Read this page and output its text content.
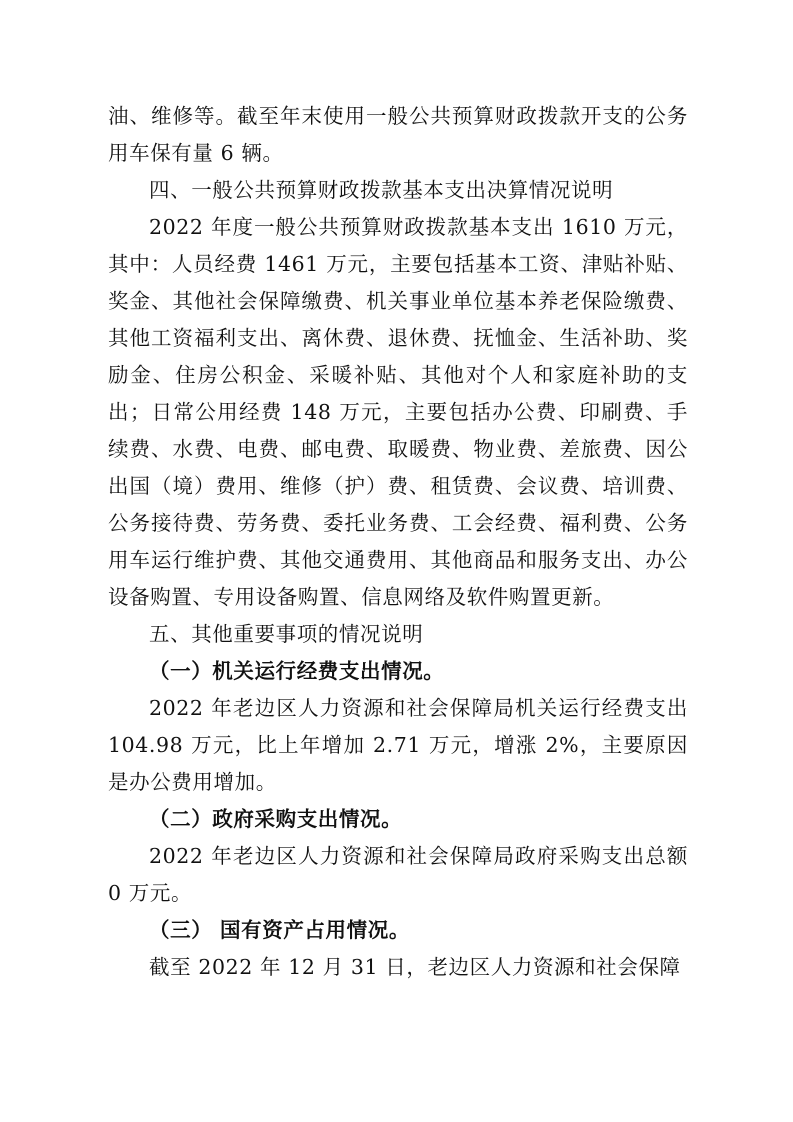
油、维修等。截至年末使用一般公共预算财政拨款开支的公务用车保有量 6 辆。

四、一般公共预算财政拨款基本支出决算情况说明

2022 年度一般公共预算财政拨款基本支出 1610 万元，其中：人员经费 1461 万元，主要包括基本工资、津贴补贴、奖金、其他社会保障缴费、机关事业单位基本养老保险缴费、其他工资福利支出、离休费、退休费、抚恤金、生活补助、奖励金、住房公积金、采暖补贴、其他对个人和家庭补助的支出；日常公用经费 148 万元，主要包括办公费、印刷费、手续费、水费、电费、邮电费、取暖费、物业费、差旅费、因公出国（境）费用、维修（护）费、租赁费、会议费、培训费、公务接待费、劳务费、委托业务费、工会经费、福利费、公务用车运行维护费、其他交通费用、其他商品和服务支出、办公设备购置、专用设备购置、信息网络及软件购置更新。

五、其他重要事项的情况说明

（一）机关运行经费支出情况。

2022 年老边区人力资源和社会保障局机关运行经费支出 104.98 万元，比上年增加 2.71 万元，增涨 2%，主要原因是办公费用增加。

（二）政府采购支出情况。

2022 年老边区人力资源和社会保障局政府采购支出总额 0 万元。

（三） 国有资产占用情况。

截至 2022 年 12 月 31 日，老边区人力资源和社会保障
